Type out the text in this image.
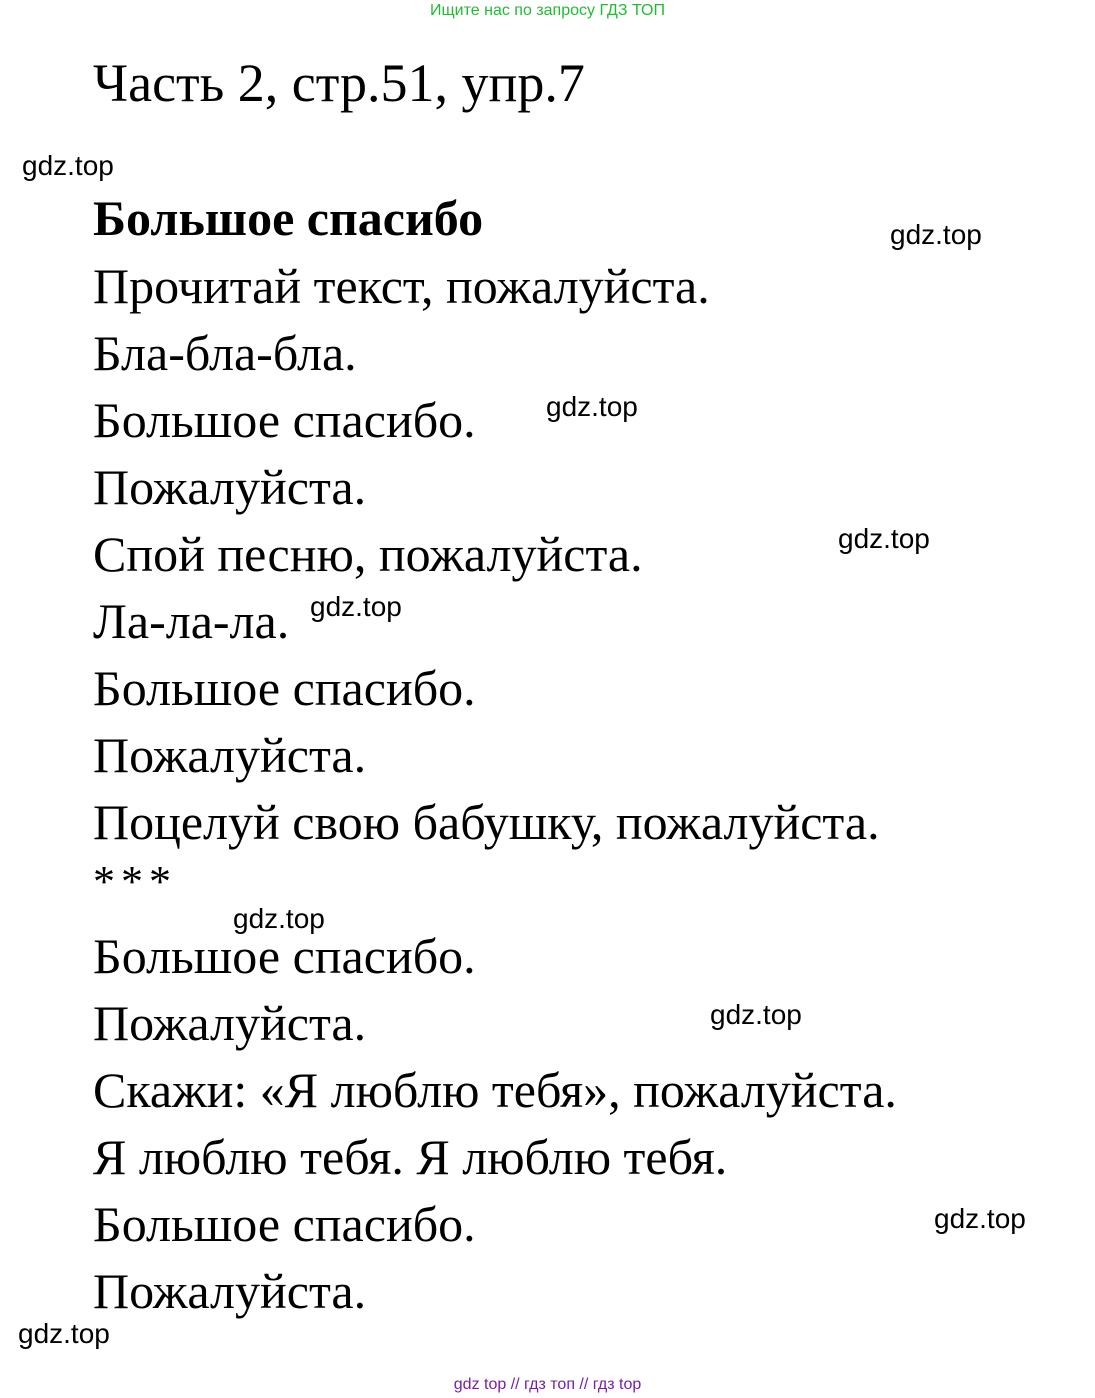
Ищите нас по запросу ГДЗ ТОП
Часть 2, стр.51, упр.7
gdz.top
Большое спасибо	gdz.top
Прочитай текст, пожалуйста.
Бла-бла-бла.
Большое спасибо.	gdz.top
Пожалуйста.
Спой песню, пожалуйста.	gdz.top
Ла-ла-ла. gdz.top
Большое спасибо.
Пожалуйста.
Поцелуй свою бабушку, пожалуйста.
***
gdz.top
Большое спасибо.
Пожалуйста.	gdz.top
Скажи: «Я люблю тебя», пожалуйста.
Я люблю тебя. Я люблю тебя.
Большое спасибо.	gdz.top
Пожалуйста.
gdz.top
gdz top // гдз топ // гдз top
